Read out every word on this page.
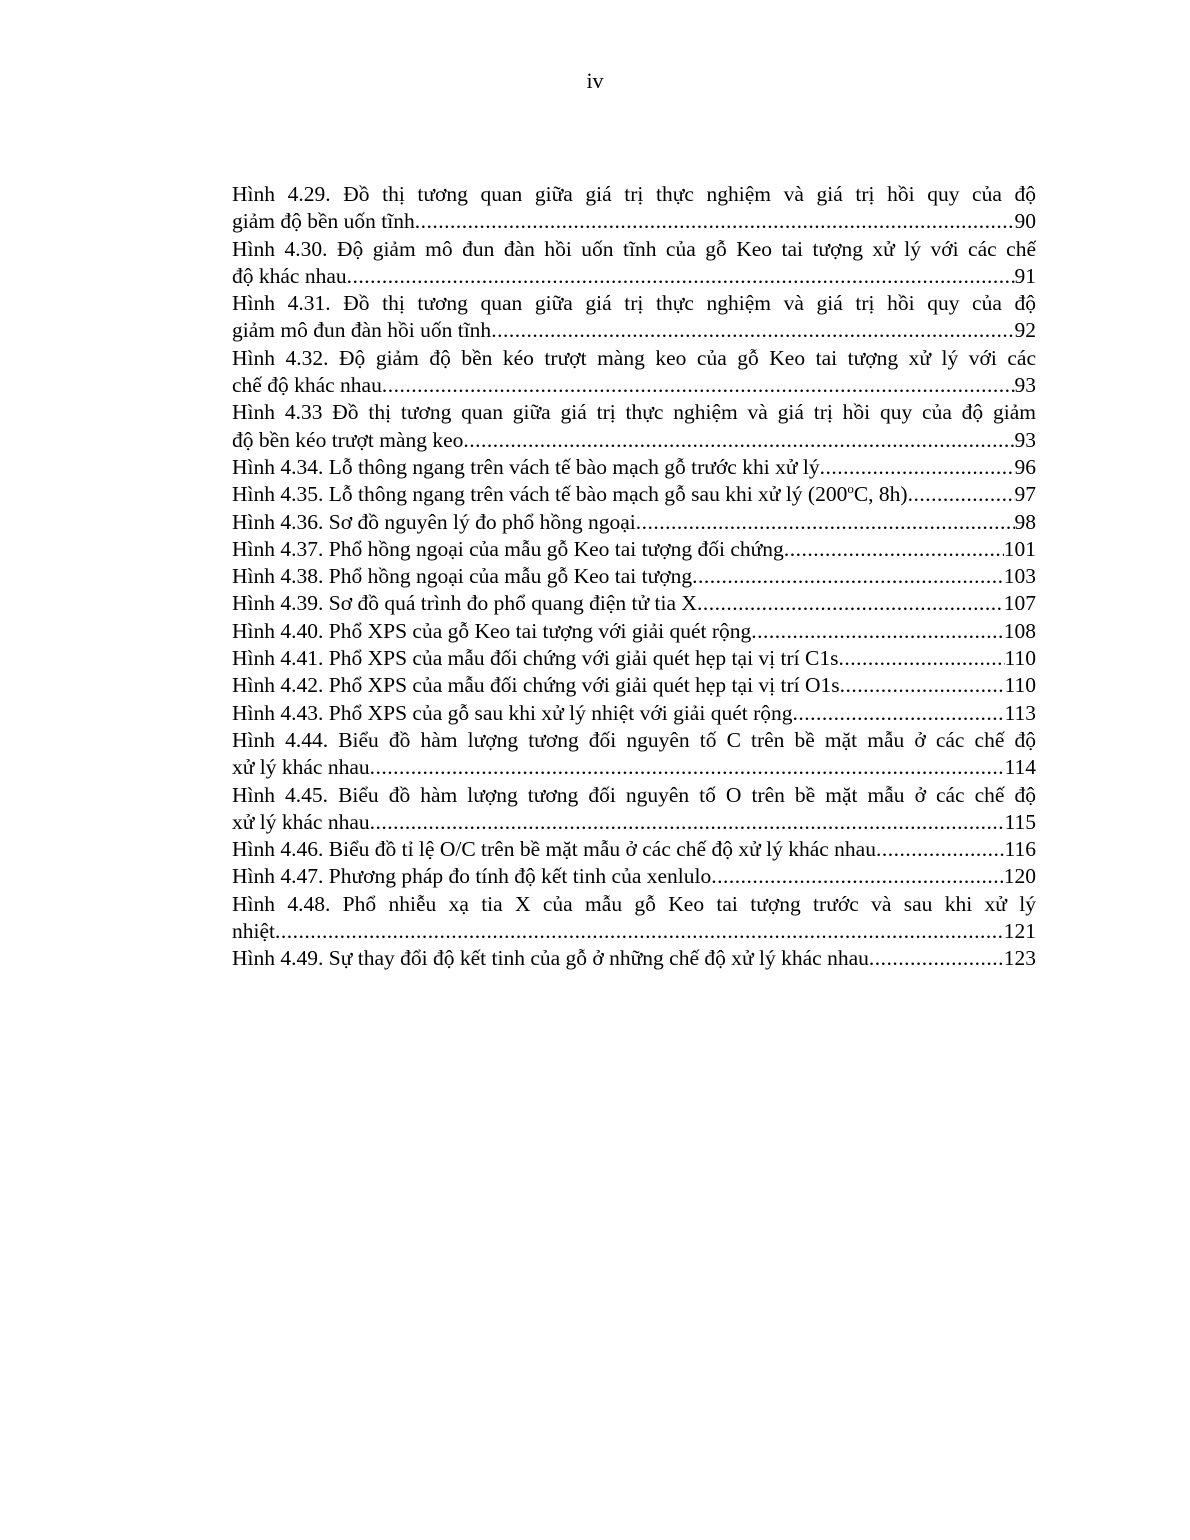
iv
Hình 4.29. Đồ thị tương quan giữa giá trị thực nghiệm và giá trị hồi quy của độ
giảm độ bền uốn tĩnh .....	90
Hình 4.30. Độ giảm mô đun đàn hồi uốn tĩnh của gỗ Keo tai tượng xử lý với các chế
độ khác nhau .....	91
Hình 4.31. Đồ thị tương quan giữa giá trị thực nghiệm và giá trị hồi quy của độ
giảm mô đun đàn hồi uốn tĩnh .....	92
Hình 4.32. Độ giảm độ bền kéo trượt màng keo của gỗ Keo tai tượng xử lý với các
chế độ khác nhau .....	93
Hình 4.33 Đồ thị tương quan giữa giá trị thực nghiệm và giá trị hồi quy của độ giảm
độ bền kéo trượt màng keo .....	93
Hình 4.34. Lỗ thông ngang trên vách tế bào mạch gỗ trước khi xử lý .....	96
Hình 4.35. Lỗ thông ngang trên vách tế bào mạch gỗ sau khi xử lý (200$^o$C, 8h) .....	97
Hình 4.36. Sơ đồ nguyên lý đo phổ hồng ngoại .....	98
Hình 4.37. Phổ hồng ngoại của mẫu gỗ Keo tai tượng đối chứng .....	101
Hình 4.38. Phổ hồng ngoại của mẫu gỗ Keo tai tượng .....	103
Hình 4.39. Sơ đồ quá trình đo phổ quang điện tử tia X .....	107
Hình 4.40. Phổ XPS của gỗ Keo tai tượng với giải quét rộng .....	108
Hình 4.41. Phổ XPS của mẫu đối chứng với giải quét hẹp tại vị trí C1s .....	110
Hình 4.42. Phổ XPS của mẫu đối chứng với giải quét hẹp tại vị trí O1s .....	110
Hình 4.43. Phổ XPS của gỗ sau khi xử lý nhiệt với giải quét rộng .....	113
Hình 4.44. Biểu đồ hàm lượng tương đối nguyên tố C trên bề mặt mẫu ở các chế độ
xử lý khác nhau .....	114
Hình 4.45. Biểu đồ hàm lượng tương đối nguyên tố O trên bề mặt mẫu ở các chế độ
xử lý khác nhau .....	115
Hình 4.46. Biểu đồ tỉ lệ O/C trên bề mặt mẫu ở các chế độ xử lý khác nhau .....	116
Hình 4.47. Phương pháp đo tính độ kết tinh của xenlulo .....	120
Hình 4.48. Phổ nhiễu xạ tia X của mẫu gỗ Keo tai tượng trước và sau khi xử lý
nhiệt .....	121
Hình 4.49. Sự thay đổi độ kết tinh của gỗ ở những chế độ xử lý khác nhau .....	123
